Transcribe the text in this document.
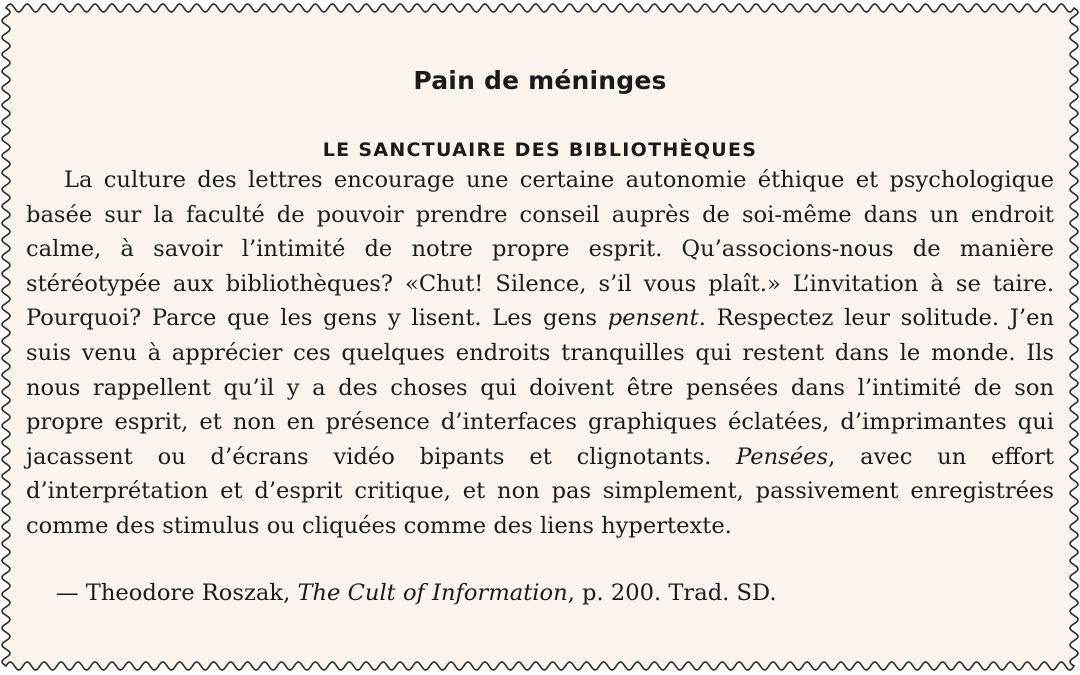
Pain de méninges
LE SANCTUAIRE DES BIBLIOTHÈQUES

La culture des lettres encourage une certaine autonomie éthique et psychologique basée sur la faculté de pouvoir prendre conseil auprès de soi-même dans un endroit calme, à savoir l’intimité de notre propre esprit. Qu’associons-nous de manière stéréotypée aux bibliothèques? «Chut! Silence, s’il vous plaît.» L’invitation à se taire. Pourquoi? Parce que les gens y lisent. Les gens pensent. Respectez leur solitude. J’en suis venu à apprécier ces quelques endroits tranquilles qui restent dans le monde. Ils nous rappellent qu’il y a des choses qui doivent être pensées dans l’intimité de son propre esprit, et non en présence d’interfaces graphiques éclatées, d’imprimantes qui jacassent ou d’écrans vidéo bipants et clignotants. Pensées, avec un effort d’interprétation et d’esprit critique, et non pas simplement, passivement enregistrées comme des stimulus ou cliquées comme des liens hypertexte.

— Theodore Roszak, The Cult of Information, p. 200. Trad. SD.
